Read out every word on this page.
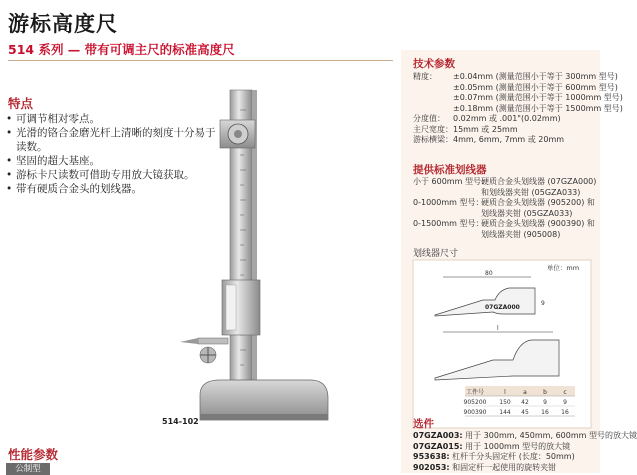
游标高度尺
514 系列 — 带有可调主尺的标准高度尺
特点
• 可调节相对零点。
• 光滑的铬合金磨光杆上清晰的刻度十分易于读数。
• 坚固的超大基座。
• 游标卡尺读数可借助专用放大镜获取。
• 带有硬质合金头的划线器。
514-102
性能参数
公制型
技术参数
精度： ±0.04mm (测量范围小于等于 300mm 型号)
±0.05mm (测量范围小于等于 600mm 型号)
±0.07mm (测量范围小于等于 1000mm 型号)
±0.18mm (测量范围小于等于 1500mm 型号)
分度值： 0.02mm 或 .001"(0.02mm)
主尺宽度：15mm 或 25mm
游标横梁：4mm, 6mm, 7mm 或 20mm
提供标准划线器
小于 600mm 型号：
硬质合金头划线器 (07GZA000) 和划线器夹钳 (05GZA033)
0-1000mm 型号：
硬质合金头划线器 (905200) 和划线器夹钳 (05GZA033)
0-1500mm 型号：
硬质合金头划线器 (900390) 和划线器夹钳 (905008)
划线器尺寸
单位：mm
80
07GZA000
9
l
工件号	l	a	b	c
905200 150 42 9	9
900390 144 45 16 16
选件
07GZA003: 用于 300mm, 450mm, 600mm 型号的放大镜
07GZA015: 用于 1000mm 型号的放大镜
953638: 杠杆千分头固定杆 (长度：50mm)
902053: 和固定杆一起使用的旋转夹钳
